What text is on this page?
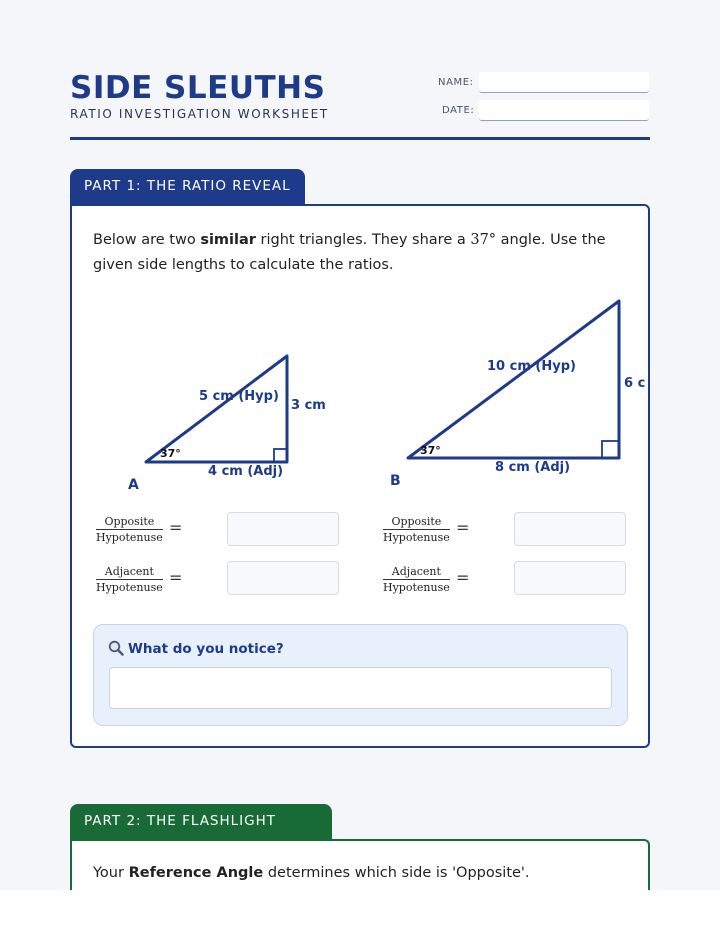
SIDE SLEUTHS
RATIO INVESTIGATION WORKSHEET
NAME:
DATE:
PART 1: THE RATIO REVEAL
Below are two similar right triangles. They share a 37° angle. Use the given side lengths to calculate the ratios.
37°
5 cm (Hyp)
3 cm
4 cm (Adj)
A
37°
10 cm (Hyp)
6 c
8 cm (Adj)
B
Opposite
Hypotenuse
=
Adjacent
Hypotenuse
=
Opposite
Hypotenuse
=
Adjacent
Hypotenuse
=
What do you notice?
PART 2: THE FLASHLIGHT
Your Reference Angle determines which side is 'Opposite'.
